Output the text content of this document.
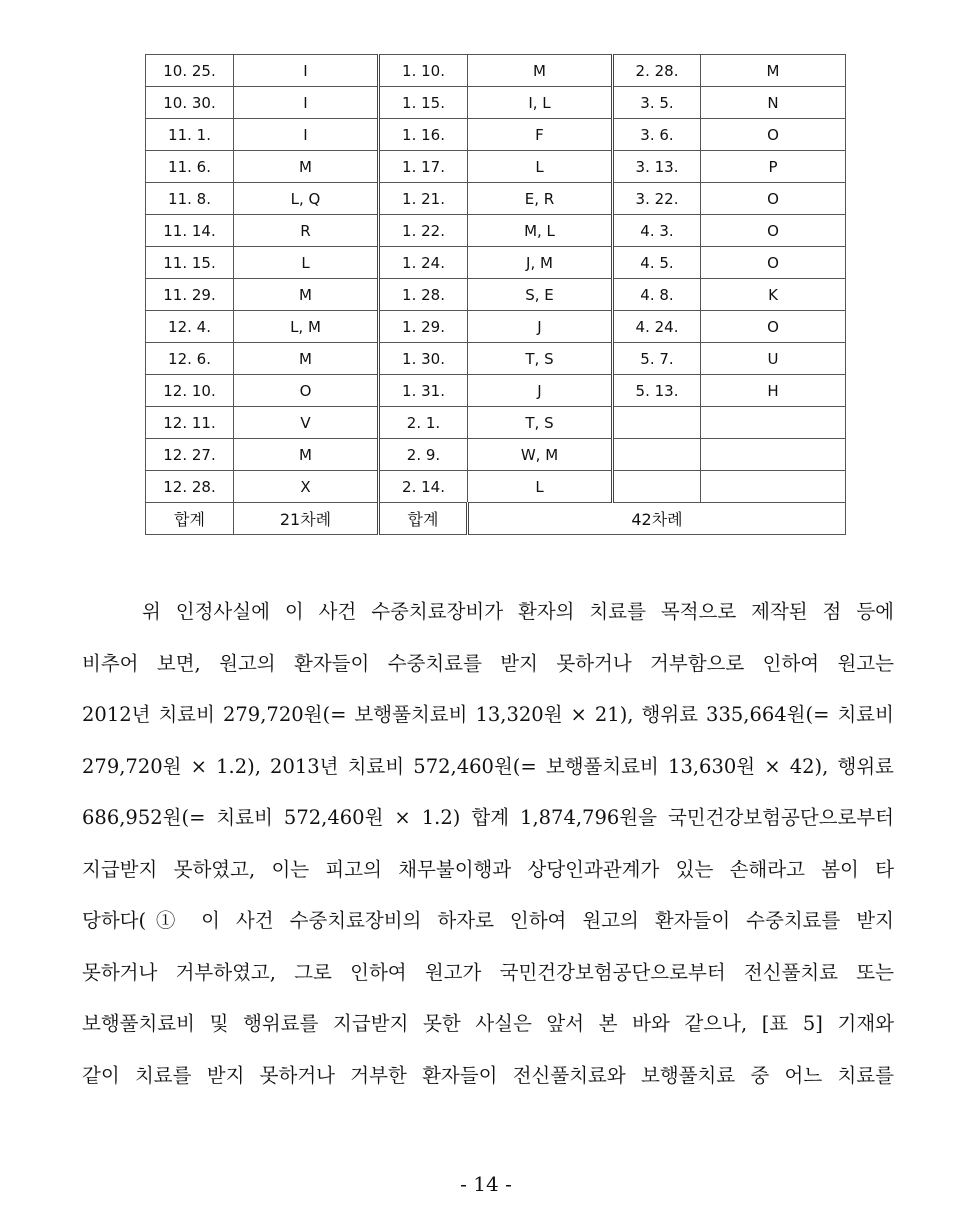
10. 25.	I	1. 10.	M	2. 28.	M
10. 30.	I	1. 15.	I, L	3. 5.	N
11. 1.	I	1. 16.	F	3. 6.	O
11. 6.	M	1. 17.	L	3. 13.	P
11. 8.	L, Q	1. 21.	E, R	3. 22.	O
11. 14.	R	1. 22.	M, L	4. 3.	O
11. 15.	L	1. 24.	J, M	4. 5.	O
11. 29.	M	1. 28.	S, E	4. 8.	K
12. 4.	L, M	1. 29.	J	4. 24.	O
12. 6.	M	1. 30.	T, S	5. 7.	U
12. 10.	O	1. 31.	J	5. 13.	H
12. 11.	V	2. 1.	T, S		
12. 27.	M	2. 9.	W, M		
12. 28.	X	2. 14.	L		
합계	21차례	합계	42차례		
위 인정사실에 이 사건 수중치료장비가 환자의 치료를 목적으로 제작된 점 등에
비추어 보면, 원고의 환자들이 수중치료를 받지 못하거나 거부함으로 인하여 원고는
2012년 치료비 279,720원(= 보행풀치료비 13,320원 × 21), 행위료 335,664원(= 치료비
279,720원 × 1.2), 2013년 치료비 572,460원(= 보행풀치료비 13,630원 × 42), 행위료
686,952원(= 치료비 572,460원 × 1.2) 합계 1,874,796원을 국민건강보험공단으로부터
지급받지 못하였고, 이는 피고의 채무불이행과 상당인과관계가 있는 손해라고 봄이 타
당하다(① 이 사건 수중치료장비의 하자로 인하여 원고의 환자들이 수중치료를 받지
못하거나 거부하였고, 그로 인하여 원고가 국민건강보험공단으로부터 전신풀치료 또는
보행풀치료비 및 행위료를 지급받지 못한 사실은 앞서 본 바와 같으나, [표 5] 기재와
같이 치료를 받지 못하거나 거부한 환자들이 전신풀치료와 보행풀치료 중 어느 치료를
- 14 -
